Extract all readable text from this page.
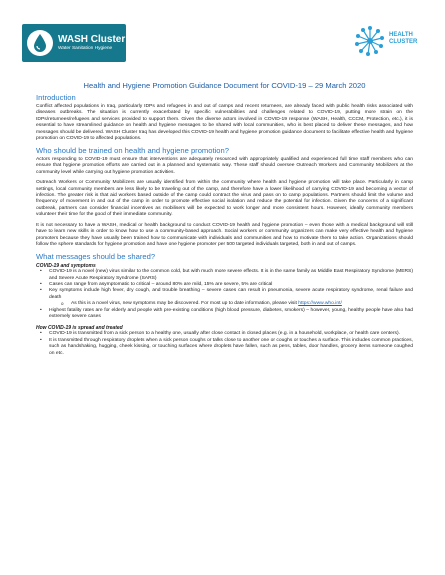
WASH Cluster
Water Sanitation Hygiene
HEALTH
CLUSTER
Health and Hygiene Promotion Guidance Document for COVID-19 – 29 March 2020
Introduction

Conflict affected populations in Iraq, particularly IDPs and refugees in and out of camps and recent returnees, are already faced with public health risks associated with diseases outbreaks. The situation is currently exacerbated by specific vulnerabilities and challenges related to COVID-19, putting more strain on the IDPs/returnees/refugees and services provided to support them. Given the diverse actors involved in COVID-19 response (WASH, Health, CCCM, Protection, etc.), it is essential to have streamlined guidance on health and hygiene messages to be shared with local communities, who is best placed to deliver these messages, and how messages should be delivered. WASH Cluster Iraq has developed this COVID-19 health and hygiene promotion guidance document to facilitate effective health and hygiene promotion on COVID-19 to affected populations.

Who should be trained on health and hygiene promotion?

Actors responding to COVID-19 must ensure that interventions are adequately resourced with appropriately qualified and experienced full time staff members who can ensure that hygiene promotion efforts are carried out in a planned and systematic way. These staff should oversee Outreach Workers and Community Mobilizers at the community level while carrying out hygiene promotion activities.

Outreach Workers or Community Mobilizers are usually identified from within the community where health and hygiene promotion will take place. Particularly in camp settings, local community members are less likely to be traveling out of the camp, and therefore have a lower likelihood of carrying COVID-19 and becoming a vector of infection. The greater risk is that aid workers based outside of the camp could contract the virus and pass on to camp populations. Partners should limit the volume and frequency of movement in and out of the camp in order to promote effective social isolation and reduce the potential for infection. Given the concerns of a significant outbreak, partners can consider financial incentives as mobilisers will be expected to work longer and more consistent hours. However, ideally community members volunteer their time for the good of their immediate community.

It is not necessary to have a WASH, medical or health background to conduct COVID-19 health and hygiene promotion – even those with a medical background will still have to learn new skills in order to know how to use a community-based approach. Social workers or community organizers can make very effective health and hygiene promoters because they have usually been trained how to communicate with individuals and communities and how to motivate them to take action. Organizations should follow the sphere standards for hygiene promotion and have one hygiene promoter per 500 targeted individuals targeted, both in and out of camps.

What messages should be shared?
COVID-19 and symptoms
• COVID-19 is a novel (new) virus similar to the common cold, but with much more severe effects. It is in the same family as Middle East Respiratory Syndrome (MERS) and Severe Acute Respiratory Syndrome (SARS)
• Cases can range from asymptomatic to critical – around 80% are mild, 15% are severe, 5% are critical
• Key symptoms include high fever, dry cough, and trouble breathing – severe cases can result in pneumonia, severe acute respiratory syndrome, renal failure and death
o As this is a novel virus, new symptoms may be discovered. For most up to date information, please visit https://www.who.int/
• Highest fatality rates are for elderly and people with pre-existing conditions (high blood pressure, diabetes, smokers) – however, young, healthy people have also had extremely severe cases
How COVID-19 is spread and treated
• COVID-19 is transmitted from a sick person to a healthy one, usually after close contact in closed places (e.g. in a household, workplace, or health care centers).
• It is transmitted through respiratory droplets when a sick person coughs or talks close to another one or coughs or touches a surface. This includes common practices, such as handshaking, hugging, cheek kissing, or touching surfaces where droplets have fallen, such as pens, tables, door handles, grocery items someone coughed on etc.
